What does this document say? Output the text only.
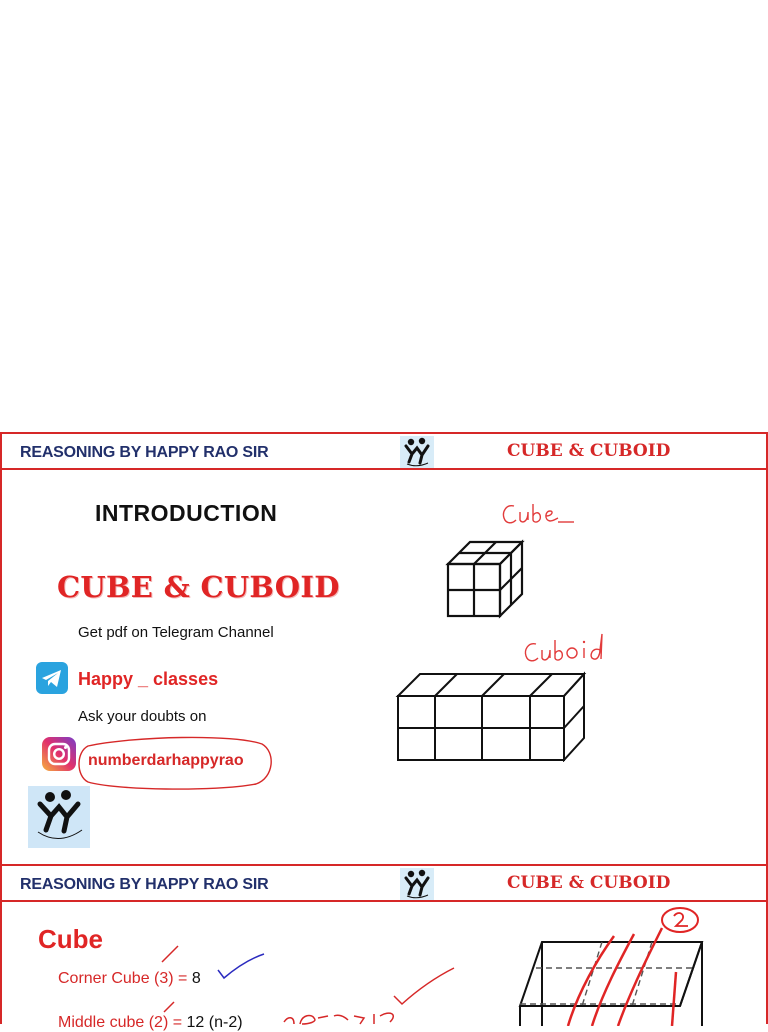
REASONING BY HAPPY RAO SIR	CUBE & CUBOID
INTRODUCTION
CUBE & CUBOID
Get pdf on Telegram Channel
Happy _ classes
Ask your doubts on
numberdarhappyrao
REASONING BY HAPPY RAO SIR	CUBE & CUBOID
Cube
Corner Cube (3) = 8
Middle cube (2) = 12 (n-2)
